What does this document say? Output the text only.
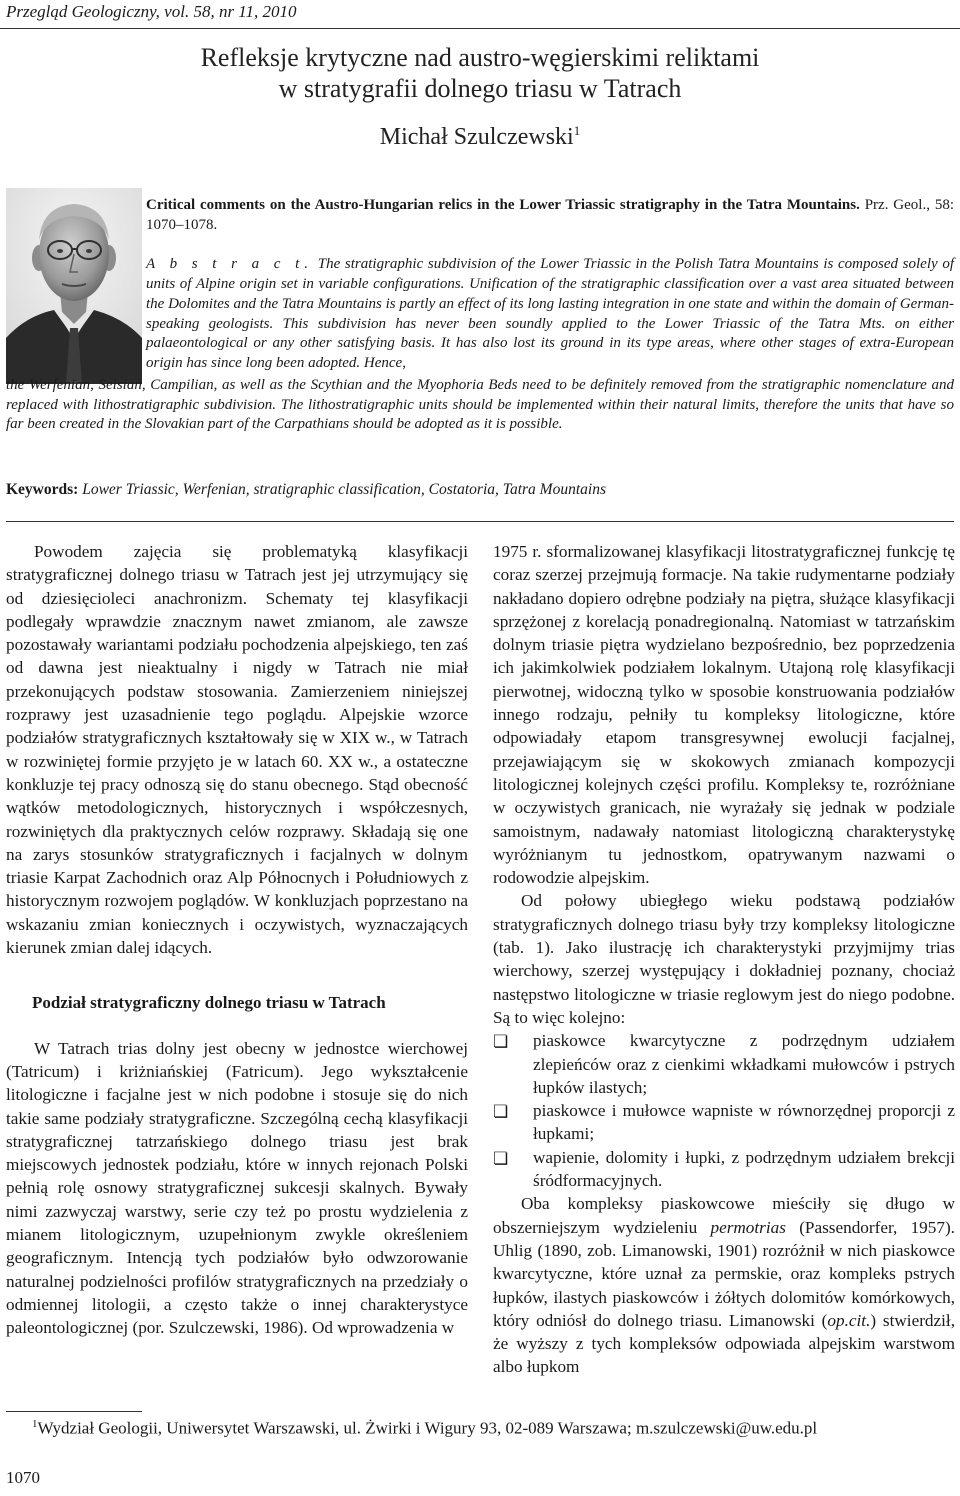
Przegląd Geologiczny, vol. 58, nr 11, 2010
Refleksje krytyczne nad austro-węgierskimi reliktami
w stratygrafii dolnego triasu w Tatrach
Michał Szulczewski$^1$

Critical comments on the Austro-Hungarian relics in the Lower Triassic stratigraphy in the Tatra Mountains. Prz. Geol., 58: 1070–1078.

A b s t r a c t. The stratigraphic subdivision of the Lower Triassic in the Polish Tatra Mountains is composed solely of units of Alpine origin set in variable configurations. Unification of the stratigraphic classification over a vast area situated between the Dolomites and the Tatra Mountains is partly an effect of its long lasting integration in one state and within the domain of German-speaking geologists. This subdivision has never been soundly applied to the Lower Triassic of the Tatra Mts. on either palaeontological or any other satisfying basis. It has also lost its ground in its type areas, where other stages of extra-European origin has since long been adopted. Hence,

the Werfenian, Seisian, Campilian, as well as the Scythian and the Myophoria Beds need to be definitely removed from the stratigraphic nomenclature and replaced with lithostratigraphic subdivision. The lithostratigraphic units should be implemented within their natural limits, therefore the units that have so far been created in the Slovakian part of the Carpathians should be adopted as it is possible.
Keywords: Lower Triassic, Werfenian, stratigraphic classification, Costatoria, Tatra Mountains

Powodem zajęcia się problematyką klasyfikacji stratygraficznej dolnego triasu w Tatrach jest jej utrzymujący się od dziesięcioleci anachronizm. Schematy tej klasyfikacji podlegały wprawdzie znacznym nawet zmianom, ale zawsze pozostawały wariantami podziału pochodzenia alpejskiego, ten zaś od dawna jest nieaktualny i nigdy w Tatrach nie miał przekonujących podstaw stosowania. Zamierzeniem niniejszej rozprawy jest uzasadnienie tego poglądu. Alpejskie wzorce podziałów stratygraficznych kształtowały się w XIX w., w Tatrach w rozwiniętej formie przyjęto je w latach 60. XX w., a ostateczne konkluzje tej pracy odnoszą się do stanu obecnego. Stąd obecność wątków metodologicznych, historycznych i współczesnych, rozwiniętych dla praktycznych celów rozprawy. Składają się one na zarys stosunków stratygraficznych i facjalnych w dolnym triasie Karpat Zachodnich oraz Alp Północnych i Południowych z historycznym rozwojem poglądów. W konkluzjach poprzestano na wskazaniu zmian koniecznych i oczywistych, wyznaczających kierunek zmian dalej idących.

Podział stratygraficzny dolnego triasu w Tatrach

W Tatrach trias dolny jest obecny w jednostce wierchowej (Tatricum) i kriżniańskiej (Fatricum). Jego wykształcenie litologiczne i facjalne jest w nich podobne i stosuje się do nich takie same podziały stratygraficzne. Szczególną cechą klasyfikacji stratygraficznej tatrzańskiego dolnego triasu jest brak miejscowych jednostek podziału, które w innych rejonach Polski pełnią rolę osnowy stratygraficznej sukcesji skalnych. Bywały nimi zazwyczaj warstwy, serie czy też po prostu wydzielenia z mianem litologicznym, uzupełnionym zwykle określeniem geograficznym. Intencją tych podziałów było odwzorowanie naturalnej podzielności profilów stratygraficznych na przedziały o odmiennej litologii, a często także o innej charakterystyce paleontologicznej (por. Szulczewski, 1986). Od wprowadzenia w

1975 r. sformalizowanej klasyfikacji litostratygraficznej funkcję tę coraz szerzej przejmują formacje. Na takie rudymentarne podziały nakładano dopiero odrębne podziały na piętra, służące klasyfikacji sprzężonej z korelacją ponadregionalną. Natomiast w tatrzańskim dolnym triasie piętra wydzielano bezpośrednio, bez poprzedzenia ich jakimkolwiek podziałem lokalnym. Utajoną rolę klasyfikacji pierwotnej, widoczną tylko w sposobie konstruowania podziałów innego rodzaju, pełniły tu kompleksy litologiczne, które odpowiadały etapom transgresywnej ewolucji facjalnej, przejawiającym się w skokowych zmianach kompozycji litologicznej kolejnych części profilu. Kompleksy te, rozróżniane w oczywistych granicach, nie wyrażały się jednak w podziale samoistnym, nadawały natomiast litologiczną charakterystykę wyróżnianym tu jednostkom, opatrywanym nazwami o rodowodzie alpejskim.

Od połowy ubiegłego wieku podstawą podziałów stratygraficznych dolnego triasu były trzy kompleksy litologiczne (tab. 1). Jako ilustrację ich charakterystyki przyjmijmy trias wierchowy, szerzej występujący i dokładniej poznany, chociaż następstwo litologiczne w triasie reglowym jest do niego podobne. Są to więc kolejno:

❏ piaskowce kwarcytyczne z podrzędnym udziałem zlepieńców oraz z cienkimi wkładkami mułowców i pstrych łupków ilastych;
❏ piaskowce i mułowce wapniste w równorzędnej proporcji z łupkami;
❏ wapienie, dolomity i łupki, z podrzędnym udziałem brekcji śródformacyjnych.

Oba kompleksy piaskowcowe mieściły się długo w obszerniejszym wydzieleniu permotrias (Passendorfer, 1957). Uhlig (1890, zob. Limanowski, 1901) rozróżnił w nich piaskowce kwarcytyczne, które uznał za permskie, oraz kompleks pstrych łupków, ilastych piaskowców i żółtych dolomitów komórkowych, który odniósł do dolnego triasu. Limanowski (op.cit.) stwierdził, że wyższy z tych kompleksów odpowiada alpejskim warstwom albo łupkom

$^1$Wydział Geologii, Uniwersytet Warszawski, ul. Żwirki i Wigury 93, 02-089 Warszawa; m.szulczewski@uw.edu.pl
1070
